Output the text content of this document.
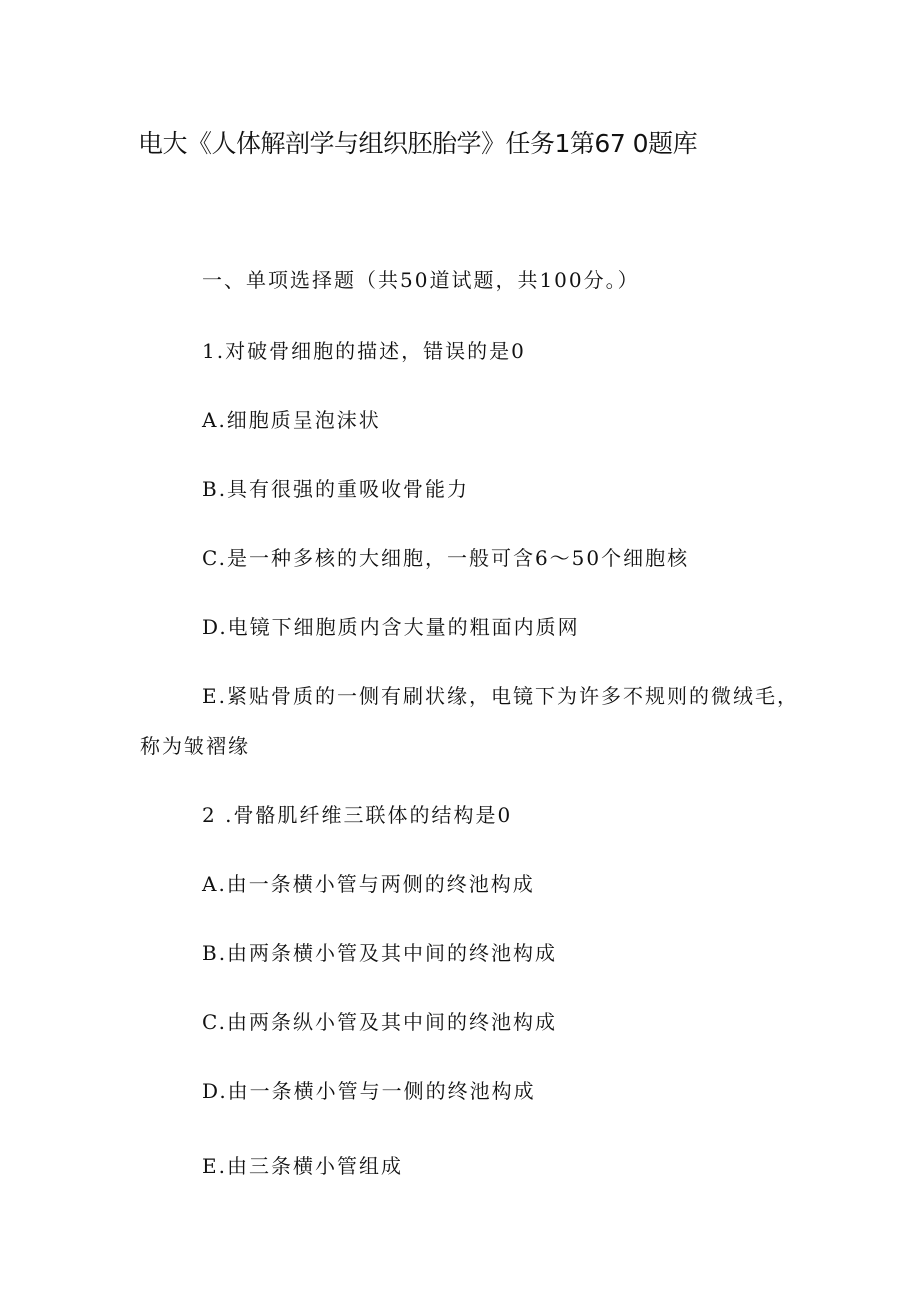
电大《人体解剖学与组织胚胎学》任务1第67 0题库
一、单项选择题（共50道试题，共100分。）
1.对破骨细胞的描述，错误的是0
A.细胞质呈泡沫状
B.具有很强的重吸收骨能力
C.是一种多核的大细胞，一般可含6～50个细胞核
D.电镜下细胞质内含大量的粗面内质网
E.紧贴骨质的一侧有刷状缘，电镜下为许多不规则的微绒毛，
称为皱褶缘
2 .骨骼肌纤维三联体的结构是0
A.由一条横小管与两侧的终池构成
B.由两条横小管及其中间的终池构成
C.由两条纵小管及其中间的终池构成
D.由一条横小管与一侧的终池构成
E.由三条横小管组成
